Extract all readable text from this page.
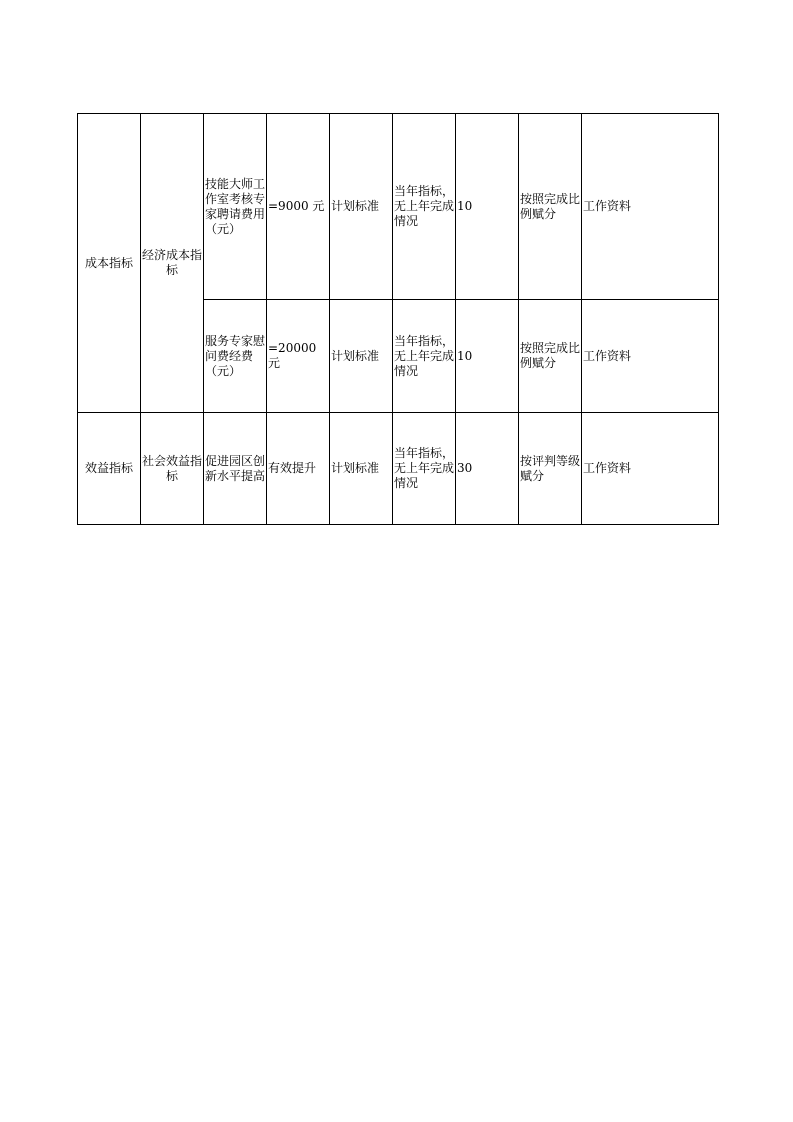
成本指标	经济成本指标	技能大师工作室考核专家聘请费用（元）	=9000 元	计划标准	当年指标，无上年完成情况	10	按照完成比例赋分	工作资料
		服务专家慰问费经费（元）	=20000 元	计划标准	当年指标，无上年完成情况	10	按照完成比例赋分	工作资料
效益指标	社会效益指标	促进园区创新水平提高	有效提升	计划标准	当年指标，无上年完成情况	30	按评判等级赋分	工作资料
